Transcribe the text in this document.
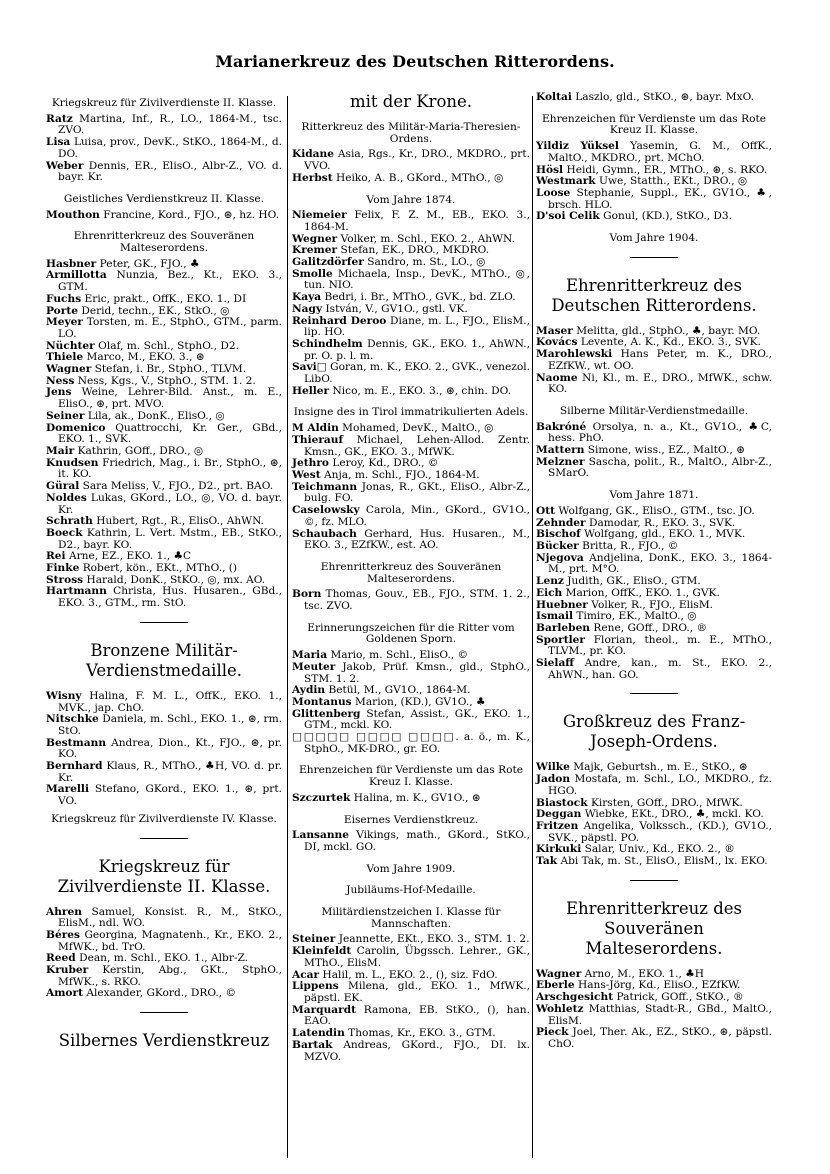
Marianerkreuz des Deutschen Ritterordens.
Kriegskreuz für Zivilverdienste II. Klasse.

Ratz Martina, Inf., R., LO., 1864-M., tsc. ZVO.

Lisa Luisa, prov., DevK., StKO., 1864-M., d. DO.

Weber Dennis, ER., ElisO., Albr-Z., VO. d. bayr. Kr.

Geistliches Verdienstkreuz II. Klasse.

Mouthon Francine, Kord., FJO., ⊛, hz. HO.

Ehrenritterkreuz des Souveränen Malteserordens.

Hasbner Peter, GK., FJO., ♣

Armillotta Nunzia, Bez., Kt., EKO. 3., GTM.

Fuchs Eric, prakt., OffK., EKO. 1., DI

Porte Derid, techn., EK., StkO., ◎

Meyer Torsten, m. E., StphO., GTM., parm. LO.

Nüchter Olaf, m. Schl., StphO., D2.

Thiele Marco, M., EKO. 3., ⊛

Wagner Stefan, i. Br., StphO., TLVM.

Ness Ness, Kgs., V., StphO., STM. 1. 2.

Jens Weine, Lehrer-Bild. Anst., m. E., ElisO., ⊛, prt. MVO.

Seiner Lila, ak., DonK., ElisO., ◎

Domenico Quattrocchi, Kr. Ger., GBd., EKO. 1., SVK.

Mair Kathrin, GOff., DRO., ◎

Knudsen Friedrich, Mag., i. Br., StphO., ⊛, it. KO.

Güral Sara Meliss, V., FJO., D2., prt. BAO.

Noldes Lukas, GKord., LO., ◎, VO. d. bayr. Kr.

Schrath Hubert, Rgt., R., ElisO., AhWN.

Boeck Kathrin, L. Vert. Mstm., EB., StKO., D2., bayr. KO.

Rei Arne, EZ., EKO. 1., ♣C

Finke Robert, kön., EKt., MThO., ()

Stross Harald, DonK., StKO., ◎, mx. AO.

Hartmann Christa, Hus. Husaren., GBd., EKO. 3., GTM., rm. StO.

Bronzene Militär-Verdienstmedaille.

Wisny Halina, F. M. L., OffK., EKO. 1., MVK., jap. ChO.

Nitschke Daniela, m. Schl., EKO. 1., ⊛, rm. StO.

Bestmann Andrea, Dion., Kt., FJO., ⊛, pr. KO.

Bernhard Klaus, R., MThO., ♣H, VO. d. pr. Kr.

Marelli Stefano, GKord., EKO. 1., ⊛, prt. VO.

Kriegskreuz für Zivilverdienste IV. Klasse.
Kriegskreuz für Zivilverdienste II. Klasse.

Ahren Samuel, Konsist. R., M., StKO., ElisM., ndl. WO.

Béres Georgina, Magnatenh., Kr., EKO. 2., MfWK., bd. TrO.

Reed Dean, m. Schl., EKO. 1., Albr-Z.

Kruber Kerstin, Abg., GKt., StphO., MfWK., s. RKO.

Amort Alexander, GKord., DRO., ©

Silbernes Verdienstkreuz
mit der Krone.
Ritterkreuz des Militär-Maria-Theresien-Ordens.

Kidane Asia, Rgs., Kr., DRO., MKDRO., prt. VVO.

Herbst Heiko, A. B., GKord., MThO., ◎

Vom Jahre 1874.

Niemeier Felix, F. Z. M., EB., EKO. 3., 1864-M.

Wegner Volker, m. Schl., EKO. 2., AhWN.

Kremer Stefan, EK., DRO., MKDRO.

Galitzdörfer Sandro, m. St., LO., ◎

Smolle Michaela, Insp., DevK., MThO., ◎, tun. NIO.

Kaya Bedri, i. Br., MThO., GVK., bd. ZLO.

Nagy István, V., GV1O., gstl. VK.

Reinhard Deroo Diane, m. L., FJO., ElisM., lip. HO.

Schindhelm Dennis, GK., EKO. 1., AhWN., pr. O. p. l. m.

Savi□ Goran, m. K., EKO. 2., GVK., venezol. LibO.

Heller Nico, m. E., EKO. 3., ⊛, chin. DO.

Insigne des in Tirol immatrikulierten Adels.

M Aldin Mohamed, DevK., MaltO., ◎

Thierauf Michael, Lehen-Allod. Zentr. Kmsn., GK., EKO. 3., MfWK.

Jethro Leroy, Kd., DRO., ©

West Anja, m. Schl., FJO., 1864-M.

Teichmann Jonas, R., GKt., ElisO., Albr-Z., bulg. FO.

Caselowsky Carola, Min., GKord., GV1O., ©, fz. MLO.

Schaubach Gerhard, Hus. Husaren., M., EKO. 3., EZfKW., est. AO.

Ehrenritterkreuz des Souveränen Malteserordens.

Born Thomas, Gouv., EB., FJO., STM. 1. 2., tsc. ZVO.

Erinnerungszeichen für die Ritter vom Goldenen Sporn.

Maria Mario, m. Schl., ElisO., ©

Meuter Jakob, Prüf. Kmsn., gld., StphO., STM. 1. 2.

Aydin Betül, M., GV1O., 1864-M.

Montanus Marion, (KD.), GV1O., ♣

Glittenberg Stefan, Assist., GK., EKO. 1., GTM., mckl. KO.

□□□□□ □□□□ □□□□. a. ö., m. K., StphO., MK-DRO., gr. EO.

Ehrenzeichen für Verdienste um das Rote Kreuz I. Klasse.

Szczurtek Halina, m. K., GV1O., ⊛

Eisernes Verdienstkreuz.

Lansanne Vikings, math., GKord., StKO., DI, mckl. GO.

Vom Jahre 1909.
Jubiläums-Hof-Medaille.
Militärdienstzeichen I. Klasse für Mannschaften.

Steiner Jeannette, EKt., EKO. 3., STM. 1. 2.

Kleinfeldt Carolin, Übgssch. Lehrer., GK., MThO., ElisM.

Acar Halil, m. L., EKO. 2., (), siz. FdO.

Lippens Milena, gld., EKO. 1., MfWK., päpstl. EK.

Marquardt Ramona, EB. StKO., (), han. EAO.

Latendin Thomas, Kr., EKO. 3., GTM.

Bartak Andreas, GKord., FJO., DI. lx. MZVO.

Koltai Laszlo, gld., StKO., ⊛, bayr. MxO.

Ehrenzeichen für Verdienste um das Rote Kreuz II. Klasse.

Yildiz Yüksel Yasemin, G. M., OffK., MaltO., MKDRO., prt. MChO.

Hösl Heidi, Gymn., ER., MThO., ⊛, s. RKO.

Westmark Uwe, Statth., EKt., DRO., ◎

Loose Stephanie, Suppl., EK., GV1O., ♣, brsch. HLO.

D'soi Celik Gonul, (KD.), StKO., D3.

Vom Jahre 1904.
Ehrenritterkreuz des Deutschen Ritterordens.

Maser Melitta, gld., StphO., ♣, bayr. MO.

Kovács Levente, A. K., Kd., EKO. 3., SVK.

Marohlewski Hans Peter, m. K., DRO., EZfKW., wt. OO.

Naome Ni, Kl., m. E., DRO., MfWK., schw. KO.

Silberne Militär-Verdienstmedaille.

Bakróné Orsolya, n. a., Kt., GV1O., ♣C, hess. PhO.

Mattern Simone, wiss., EZ., MaltO., ⊛

Melzner Sascha, polit., R., MaltO., Albr-Z., SMarO.

Vom Jahre 1871.

Ott Wolfgang, GK., ElisO., GTM., tsc. JO.

Zehnder Damodar, R., EKO. 3., SVK.

Bischof Wolfgang, gld., EKO. 1., MVK.

Bücker Britta, R., FJO., ©

Njegova Andjelina, DonK., EKO. 3., 1864-M., prt. M°O.

Lenz Judith, GK., ElisO., GTM.

Eich Marion, OffK., EKO. 1., GVK.

Huebner Volker, R., FJO., ElisM.

Ismail Timiro, EK., MaltO., ◎

Barleben Rene, GOff., DRO., ®

Sportler Florian, theol., m. E., MThO., TLVM., pr. KO.

Sielaff Andre, kan., m. St., EKO. 2., AhWN., han. GO.

Großkreuz des Franz-Joseph-Ordens.

Wilke Majk, Geburtsh., m. E., StKO., ⊛

Jadon Mostafa, m. Schl., LO., MKDRO., fz. HGO.

Biastock Kirsten, GOff., DRO., MfWK.

Deggan Wiebke, EKt., DRO., ♣, mckl. KO.

Fritzen Angelika, Volkssch., (KD.), GV1O., SVK., päpstl. PO.

Kirkuki Salar, Univ., Kd., EKO. 2., ®

Tak Abi Tak, m. St., ElisO., ElisM., lx. EKO.

Ehrenritterkreuz des Souveränen Malteserordens.

Wagner Arno, M., EKO. 1., ♣H

Eberle Hans-Jörg, Kd., ElisO., EZfKW.

Arschgesicht Patrick, GOff., StKO., ®

Wohletz Matthias, Stadt-R., GBd., MaltO., ElisM.

Pieck Joel, Ther. Ak., EZ., StKO., ⊛, päpstl. ChO.
